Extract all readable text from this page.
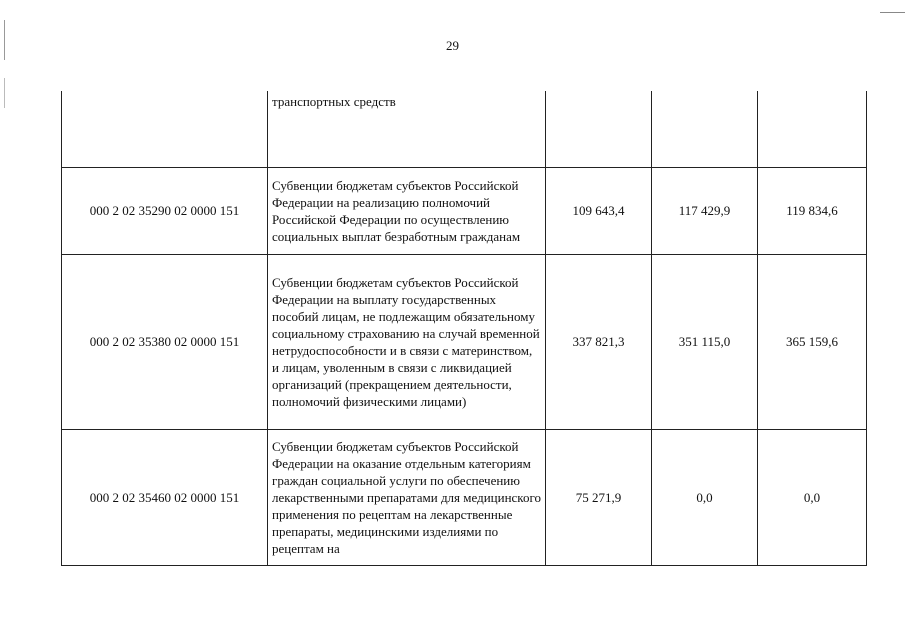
29
	транспортных средств			
000 2 02 35290 02 0000 151	Субвенции бюджетам субъектов Российской Федерации на реализацию полномочий Российской Федерации по осуществлению социальных выплат безработным гражданам	109 643,4	117 429,9	119 834,6
000 2 02 35380 02 0000 151	Субвенции бюджетам субъектов Российской Федерации на выплату государственных пособий лицам, не подлежащим обязательному социальному страхованию на случай временной нетрудоспособности и в связи с материнством, и лицам, уволенным в связи с ликвидацией организаций (прекращением деятельности, полномочий физическими лицами)	337 821,3	351 115,0	365 159,6
000 2 02 35460 02 0000 151	Субвенции бюджетам субъектов Российской Федерации на оказание отдельным категориям граждан социальной услуги по обеспечению лекарственными препаратами для медицинского применения по рецептам на лекарственные препараты, медицинскими изделиями по рецептам на	75 271,9	0,0	0,0
